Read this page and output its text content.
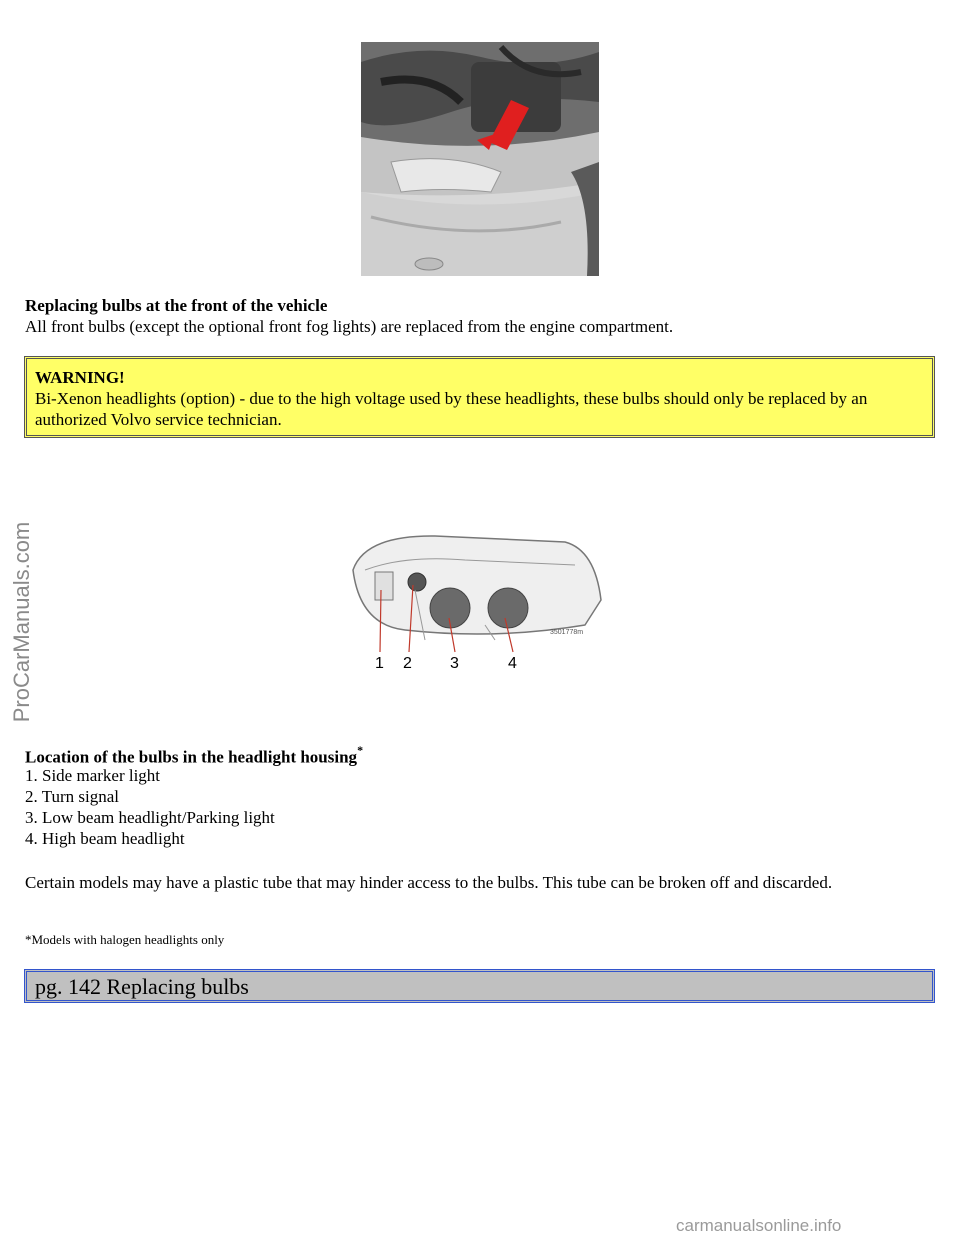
Replacing bulbs at the front of the vehicle

All front bulbs (except the optional front fog lights) are replaced from the engine compartment.

WARNING!
Bi-Xenon headlights (option) - due to the high voltage used by these headlights, these bulbs should only be replaced by an authorized Volvo service technician.
1 2 3	4
3501778m

Location of the bulbs in the headlight housing*

1. Side marker light
2. Turn signal
3. Low beam headlight/Parking light
4. High beam headlight

Certain models may have a plastic tube that may hinder access to the bulbs. This tube can be broken off and discarded.

*Models with halogen headlights only
pg. 142 Replacing bulbs
ProCarManuals.com
carmanualsonline.info
